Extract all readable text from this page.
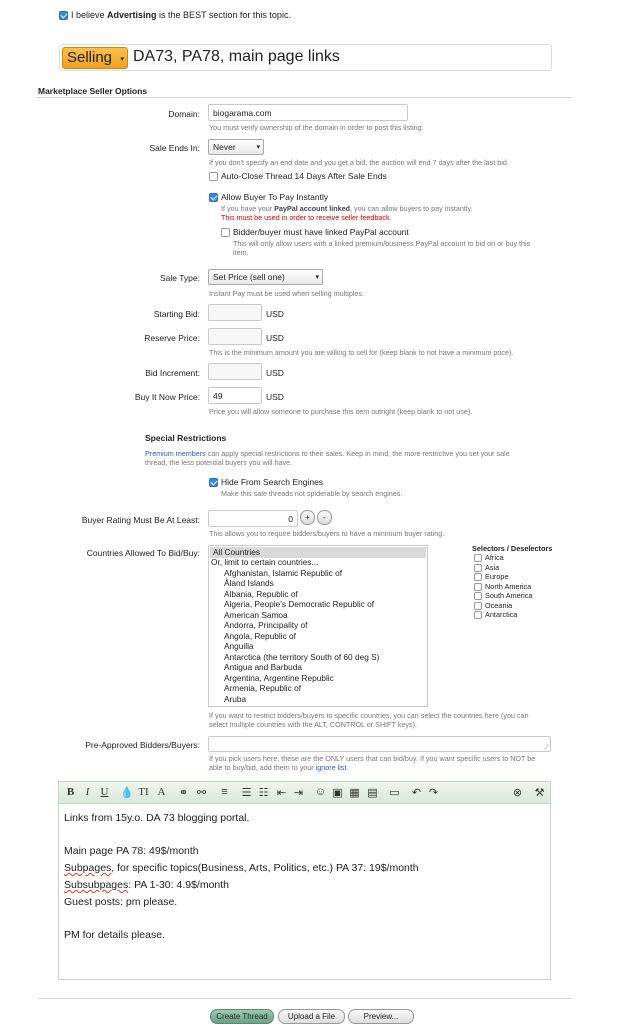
I believe Advertising is the BEST section for this topic.
Selling ▾ DA73, PA78, main page links
Marketplace Seller Options
Domain:	biogarama.com
You must verify ownership of the domain in order to post this listing.
Sale Ends In:	Never	▾
If you don't specify an end date and you get a bid, the auction will end 7 days after the last bid.
Auto-Close Thread 14 Days After Sale Ends
Allow Buyer To Pay Instantly
If you have your PayPal account linked, you can allow buyers to pay instantly.
This must be used in order to receive seller feedback.
Bidder/buyer must have linked PayPal account
This will only allow users with a linked premium/business PayPal account to bid on or buy this
item.
Sale Type:	Set Price (sell one)	▾
Instant Pay must be used when selling multiples.
Starting Bid:	USD
Reserve Price:	USD
This is the minimum amount you are willing to sell for (keep blank to not have a minimum price).
Bid Increment:	USD
Buy It Now Price:	49	USD
Price you will allow someone to purchase this item outright (keep blank to not use).
Special Restrictions
Premium members can apply special restrictions to their sales. Keep in mind, the more restrictive you set your sale
thread, the less potential buyers you will have.
Hide From Search Engines
Make this sale threads not spiderable by search engines.
Buyer Rating Must Be At Least:	0	+	-
This allows you to require bidders/buyers to have a minimum buyer rating.
Countries Allowed To Bid/Buy: All Countries
Or, limit to certain countries...
Afghanistan, Islamic Republic of
Åland Islands
Albania, Republic of
Algeria, People's Democratic Republic of
American Samoa
Andorra, Principality of
Angola, Republic of
Anguilla
Antarctica (the territory South of 60 deg S)
Antigua and Barbuda
Argentina, Argentine Republic
Armenia, Republic of
Aruba
If you want to restrict bidders/buyers to specific countries, you can select the countries here (you can
select multiple countries with the ALT, CONTROL or SHIFT keys).
Selectors / Deselectors
Africa
Asia
Europe
North America
South America
Oceania
Antarctica
Pre-Approved Bidders/Buyers:	⟋
If you pick users here, these are the ONLY users that can bid/buy. If you want specific users to NOT be
able to buy/bid, add them to your ignore list.
B	I	U 💧 TI A ⚭ ⚯ ≡ ☰ ☷ ⇤ ⇥ ☺ ▣ ▦ ▤ ▭ ↶ ↷	⊗ ⚒
Links from 15y.o. DA 73 blogging portal.
Main page PA 78: 49$/month
Subpages, for specific topics(Business, Arts, Politics, etc.) PA 37: 19$/month
Subsubpages: PA 1-30: 4.9$/month
Guest posts: pm please.
PM for details please.
Create Thread	Upload a File	Preview...
